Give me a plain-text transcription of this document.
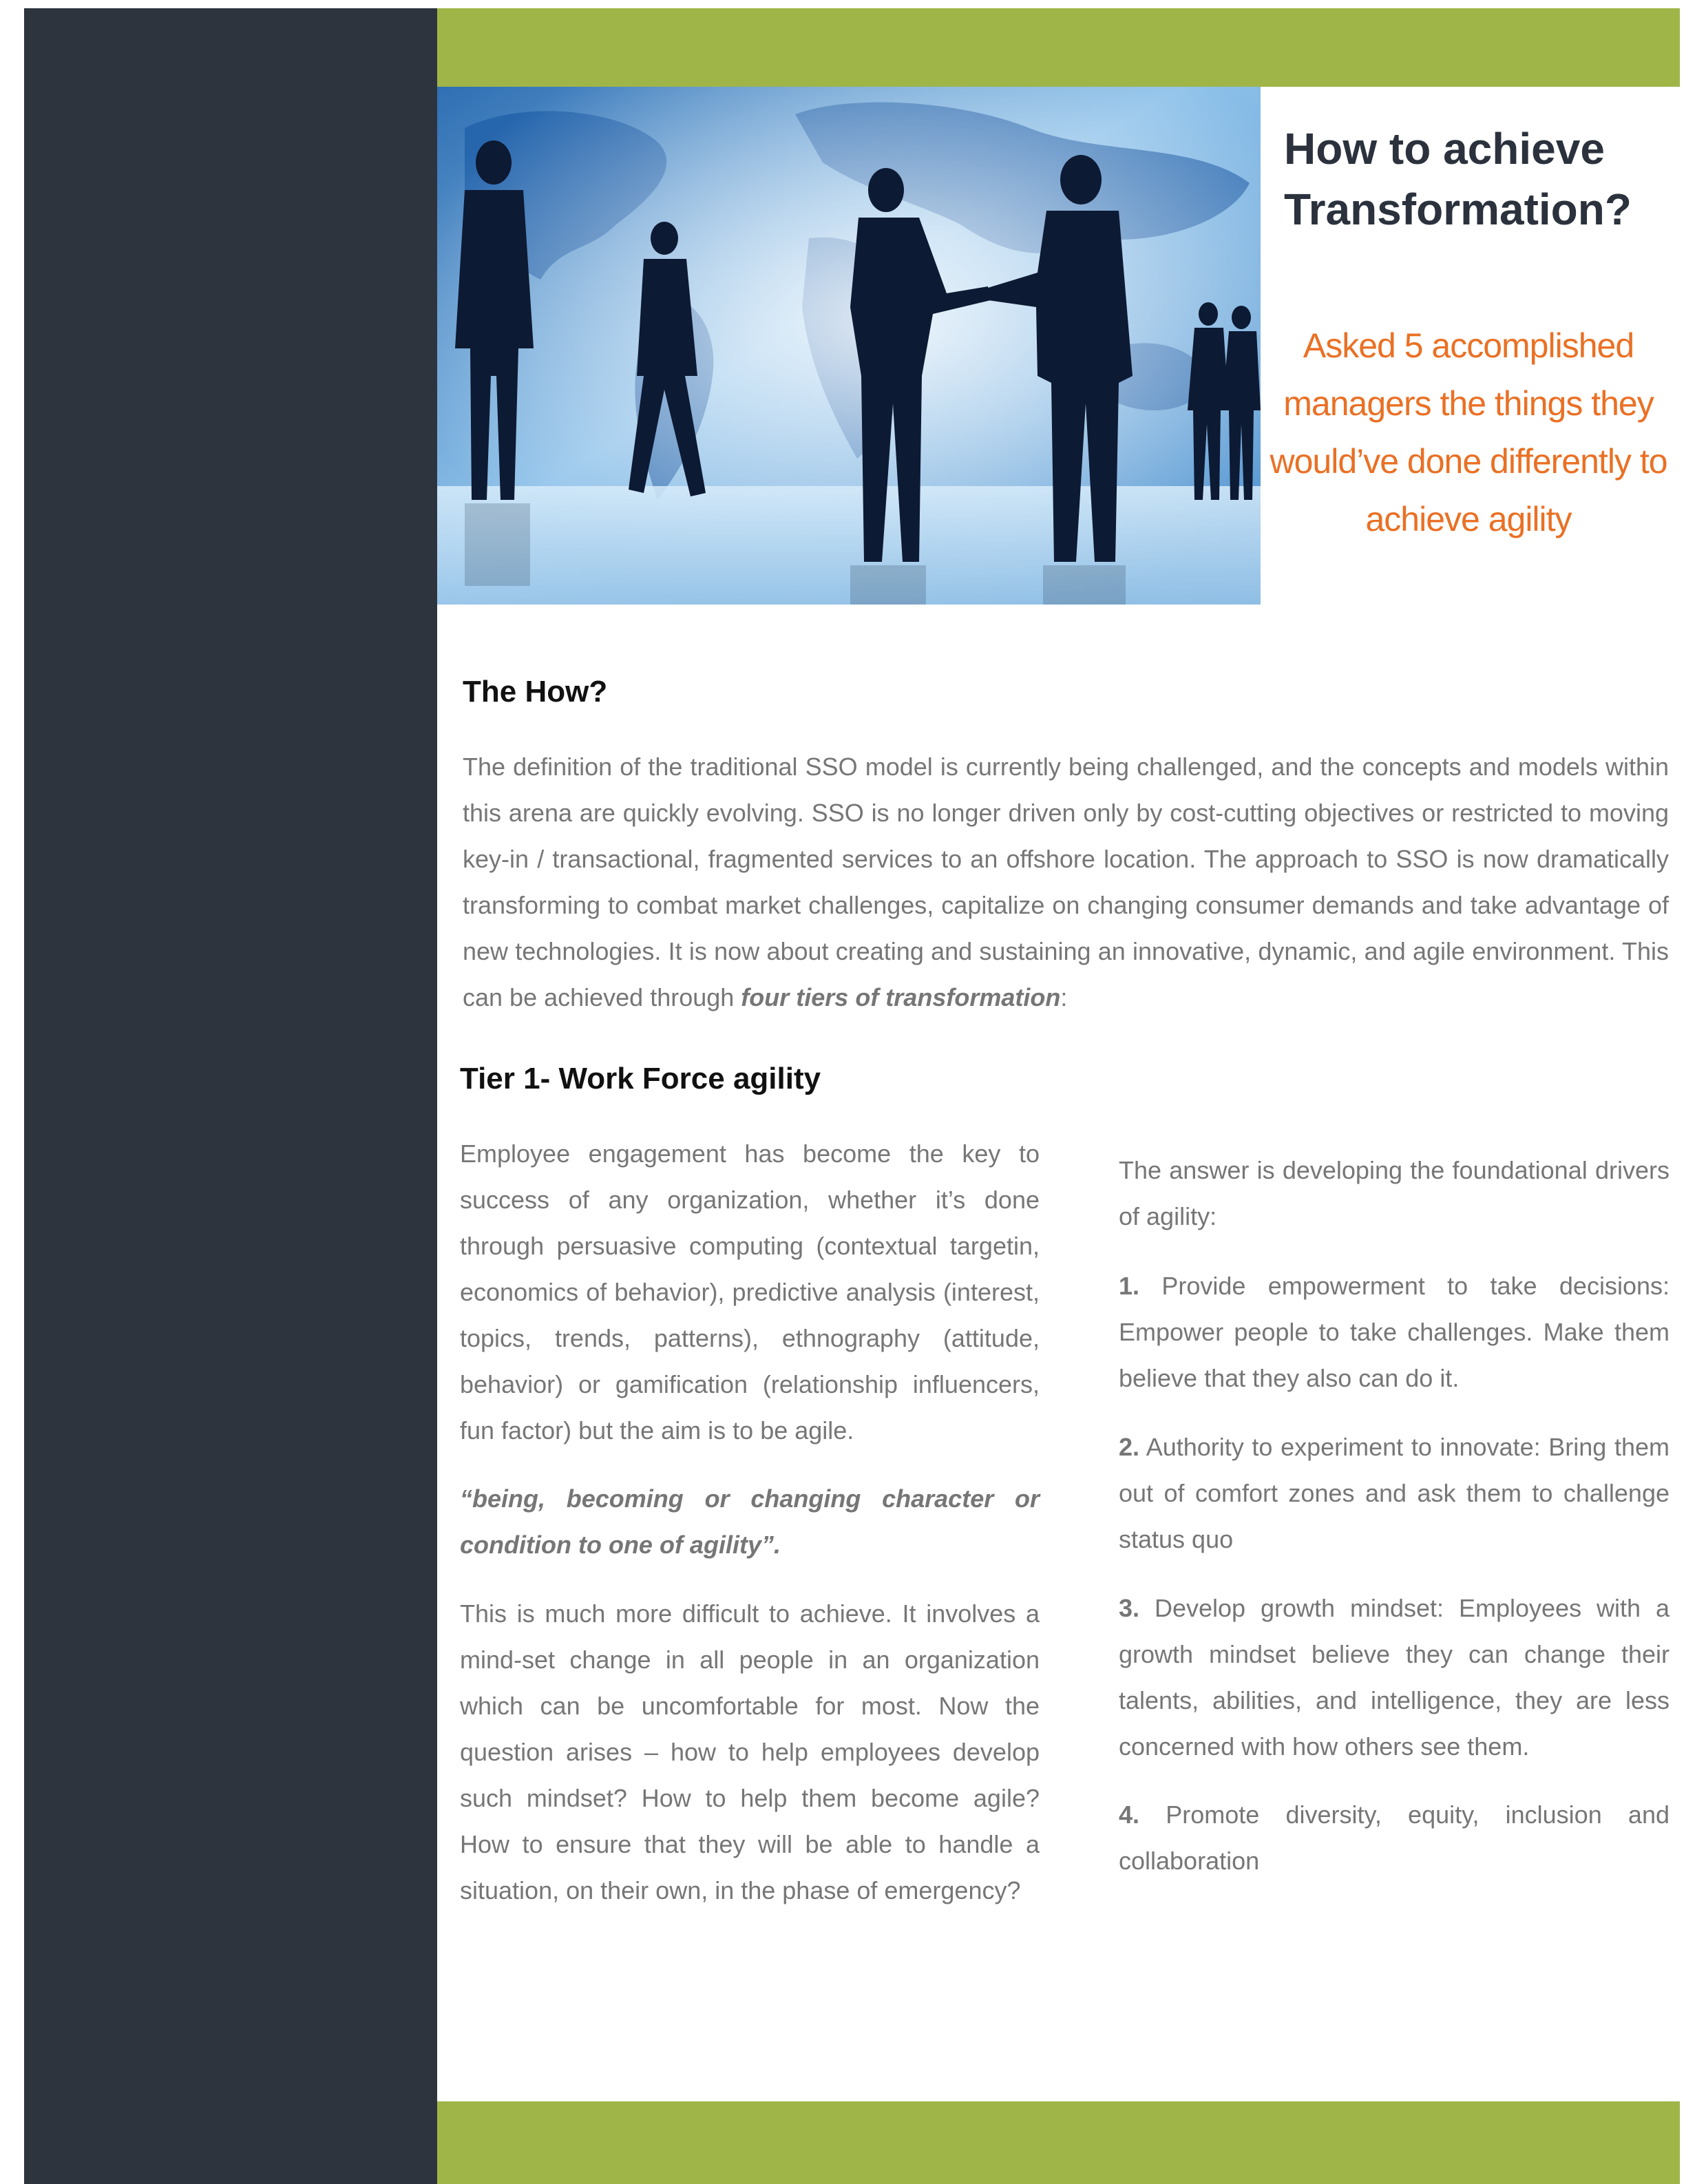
How to achieve
Transformation?

Asked 5 accomplished
managers the things they
would’ve done differently to
achieve agility

The How?

The definition of the traditional SSO model is currently being challenged, and the concepts and models within this arena are quickly evolving. SSO is no longer driven only by cost-cutting objectives or restricted to moving key-in / transactional, fragmented services to an offshore location. The approach to SSO is now dramatically transforming to combat market challenges, capitalize on changing consumer demands and take advantage of new technologies. It is now about creating and sustaining an innovative, dynamic, and agile environment. This can be achieved through four tiers of transformation:

Tier 1- Work Force agility

Employee engagement has become the key to success of any organization, whether it’s done through persuasive computing (contextual targetin, economics of behavior), predictive analysis (interest, topics, trends, patterns), ethnography (attitude, behavior) or gamification (relationship influencers, fun factor) but the aim is to be agile.

“being, becoming or changing character or condition to one of agility”.

This is much more difficult to achieve. It involves a mind-set change in all people in an organization which can be uncomfortable for most. Now the question arises – how to help employees develop such mindset? How to help them become agile? How to ensure that they will be able to handle a situation, on their own, in the phase of emergency?

The answer is developing the foundational drivers of agility:

1. Provide empowerment to take decisions: Empower people to take challenges. Make them believe that they also can do it.

2. Authority to experiment to innovate: Bring them out of comfort zones and ask them to challenge status quo

3. Develop growth mindset: Employees with a growth mindset believe they can change their talents, abilities, and intelligence, they are less concerned with how others see them.

4. Promote diversity, equity, inclusion and collaboration
